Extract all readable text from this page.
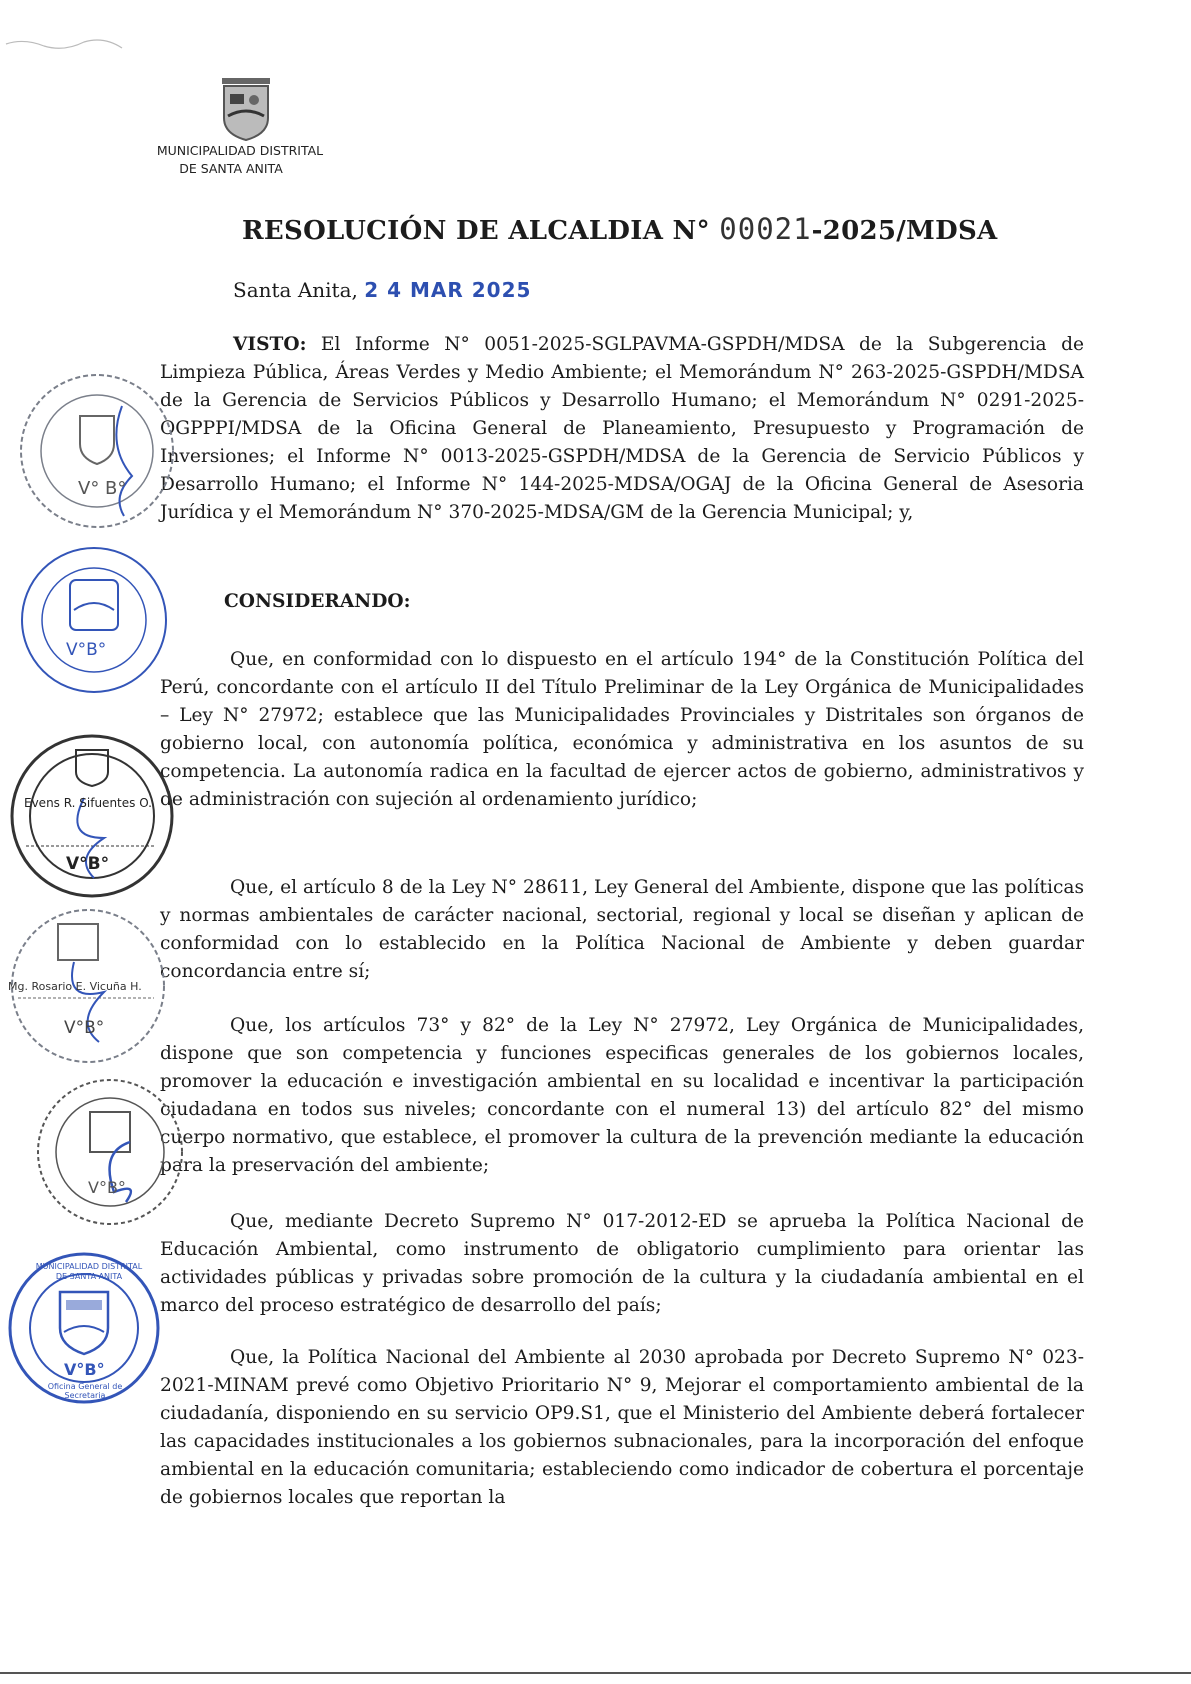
MUNICIPALIDAD DISTRITAL
DE SANTA ANITA
RESOLUCIÓN DE ALCALDIA N° 00021-2025/MDSA
Santa Anita, 2 4 MAR 2025
VISTO: El Informe N° 0051-2025-SGLPAVMA-GSPDH/MDSA de la Subgerencia de Limpieza Pública, Áreas Verdes y Medio Ambiente; el Memorándum N° 263-2025-GSPDH/MDSA de la Gerencia de Servicios Públicos y Desarrollo Humano; el Memorándum N° 0291-2025-OGPPPI/MDSA de la Oficina General de Planeamiento, Presupuesto y Programación de Inversiones; el Informe N° 0013-2025-GSPDH/MDSA de la Gerencia de Servicio Públicos y Desarrollo Humano; el Informe N° 144-2025-MDSA/OGAJ de la Oficina General de Asesoria Jurídica y el Memorándum N° 370-2025-MDSA/GM de la Gerencia Municipal; y,
CONSIDERANDO:
Que, en conformidad con lo dispuesto en el artículo 194° de la Constitución Política del Perú, concordante con el artículo II del Título Preliminar de la Ley Orgánica de Municipalidades – Ley N° 27972; establece que las Municipalidades Provinciales y Distritales son órganos de gobierno local, con autonomía política, económica y administrativa en los asuntos de su competencia. La autonomía radica en la facultad de ejercer actos de gobierno, administrativos y de administración con sujeción al ordenamiento jurídico;
Que, el artículo 8 de la Ley N° 28611, Ley General del Ambiente, dispone que las políticas y normas ambientales de carácter nacional, sectorial, regional y local se diseñan y aplican de conformidad con lo establecido en la Política Nacional de Ambiente y deben guardar concordancia entre sí;
Que, los artículos 73° y 82° de la Ley N° 27972, Ley Orgánica de Municipalidades, dispone que son competencia y funciones especificas generales de los gobiernos locales, promover la educación e investigación ambiental en su localidad e incentivar la participación ciudadana en todos sus niveles; concordante con el numeral 13) del artículo 82° del mismo cuerpo normativo, que establece, el promover la cultura de la prevención mediante la educación para la preservación del ambiente;
Que, mediante Decreto Supremo N° 017-2012-ED se aprueba la Política Nacional de Educación Ambiental, como instrumento de obligatorio cumplimiento para orientar las actividades públicas y privadas sobre promoción de la cultura y la ciudadanía ambiental en el marco del proceso estratégico de desarrollo del país;
Que, la Política Nacional del Ambiente al 2030 aprobada por Decreto Supremo N° 023-2021-MINAM prevé como Objetivo Prioritario N° 9, Mejorar el comportamiento ambiental de la ciudadanía, disponiendo en su servicio OP9.S1, que el Ministerio del Ambiente deberá fortalecer las capacidades institucionales a los gobiernos subnacionales, para la incorporación del enfoque ambiental en la educación comunitaria; estableciendo como indicador de cobertura el porcentaje de gobiernos locales que reportan la
V° B°
V°B°
Evens R. Sifuentes O.
V°B°
Mg. Rosario E. Vicuña H.
V°B°
V°B°
MUNICIPALIDAD DISTRITAL DE SANTA ANITA
V°B°
Oficina General de Secretaria
